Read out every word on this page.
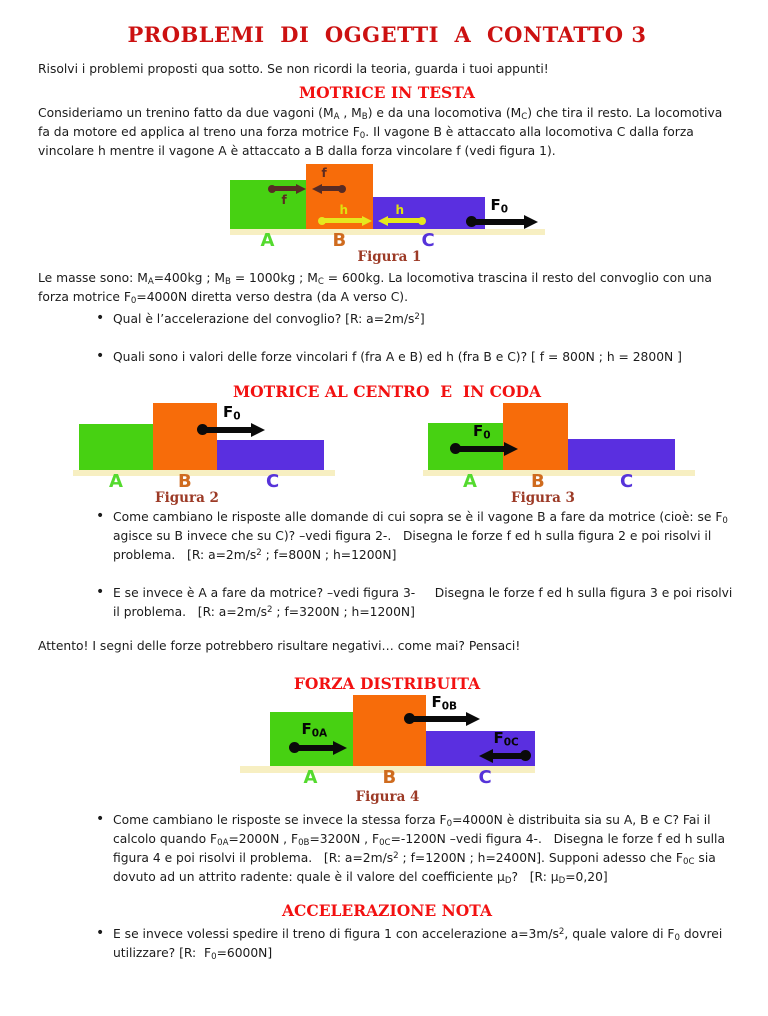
PROBLEMI  DI  OGGETTI  A  CONTATTO 3

Risolvi i problemi proposti qua sotto. Se non ricordi la teoria, guarda i tuoi appunti!

MOTRICE IN TESTA

Consideriamo un trenino fatto da due vagoni ($M_A$ , $M_B$) e da una locomotiva $(M_C)$ che tira il resto. La locomotiva fa da motore ed applica al treno una forza motrice $F_0$. Il vagone B è attaccato alla locomotiva C dalla forza vincolare h mentre il vagone A è attaccato a B dalla forza vincolare f (vedi figura 1).

f
f
h	h	$F_0$
A	B	C
Figura 1

Le masse sono: $M_A=400kg$ ; $M_B = 1000kg$ ; $M_C = 600kg$. La locomotiva trascina il resto del convoglio con una forza motrice $F_0=4000N$ diretta verso destra (da A verso C).

• Qual è l’accelerazione del convoglio? [R: $a=2m/s^2$]
• Quali sono i valori delle forze vincolari f (fra A e B) ed h (fra B e C)? [ f = 800N ; h = 2800N ]
MOTRICE AL CENTRO  E  IN CODA
$F_0$
A	B	C
Figura 2
$F_0$
A	B	C
Figura 3
• Come cambiano le risposte alle domande di cui sopra se è il vagone B a fare da motrice (cioè: se $F_0$ agisce su B invece che su C)? –vedi figura 2-.   Disegna le forze f ed h sulla figura 2 e poi risolvi il problema.   [R: $a=2m/s^2$ ; f=800N ; h=1200N]
• E se invece è A a fare da motrice? –vedi figura 3-     Disegna le forze f ed h sulla figura 3 e poi risolvi il problema.   [R: $a=2m/s^2$ ; f=3200N ; h=1200N]

Attento! I segni delle forze potrebbero risultare negativi… come mai? Pensaci!

FORZA DISTRIBUITA
$F_{0A}$
$F_{0B}$
$F_{0C}$
A	B	C
Figura 4
• Come cambiano le risposte se invece la stessa forza $F_0=4000N$ è distribuita sia su A, B e C? Fai il calcolo quando $F_{0A}=2000N$ , $F_{0B}=3200N$ , $F_{0C}=-1200N$ –vedi figura 4-.   Disegna le forze f ed h sulla figura 4 e poi risolvi il problema.   [R: $a=2m/s^2$ ; f=1200N ; h=2400N]. Supponi adesso che $F_{0C}$ sia dovuto ad un attrito radente: quale è il valore del coefficiente $\mu_D$?   [R: $\mu_D=0,20$]
ACCELERAZIONE NOTA
• E se invece volessi spedire il treno di figura 1 con accelerazione $a=3m/s^2$, quale valore di $F_0$ dovrei utilizzare? [R:  $F_0=6000N$]
